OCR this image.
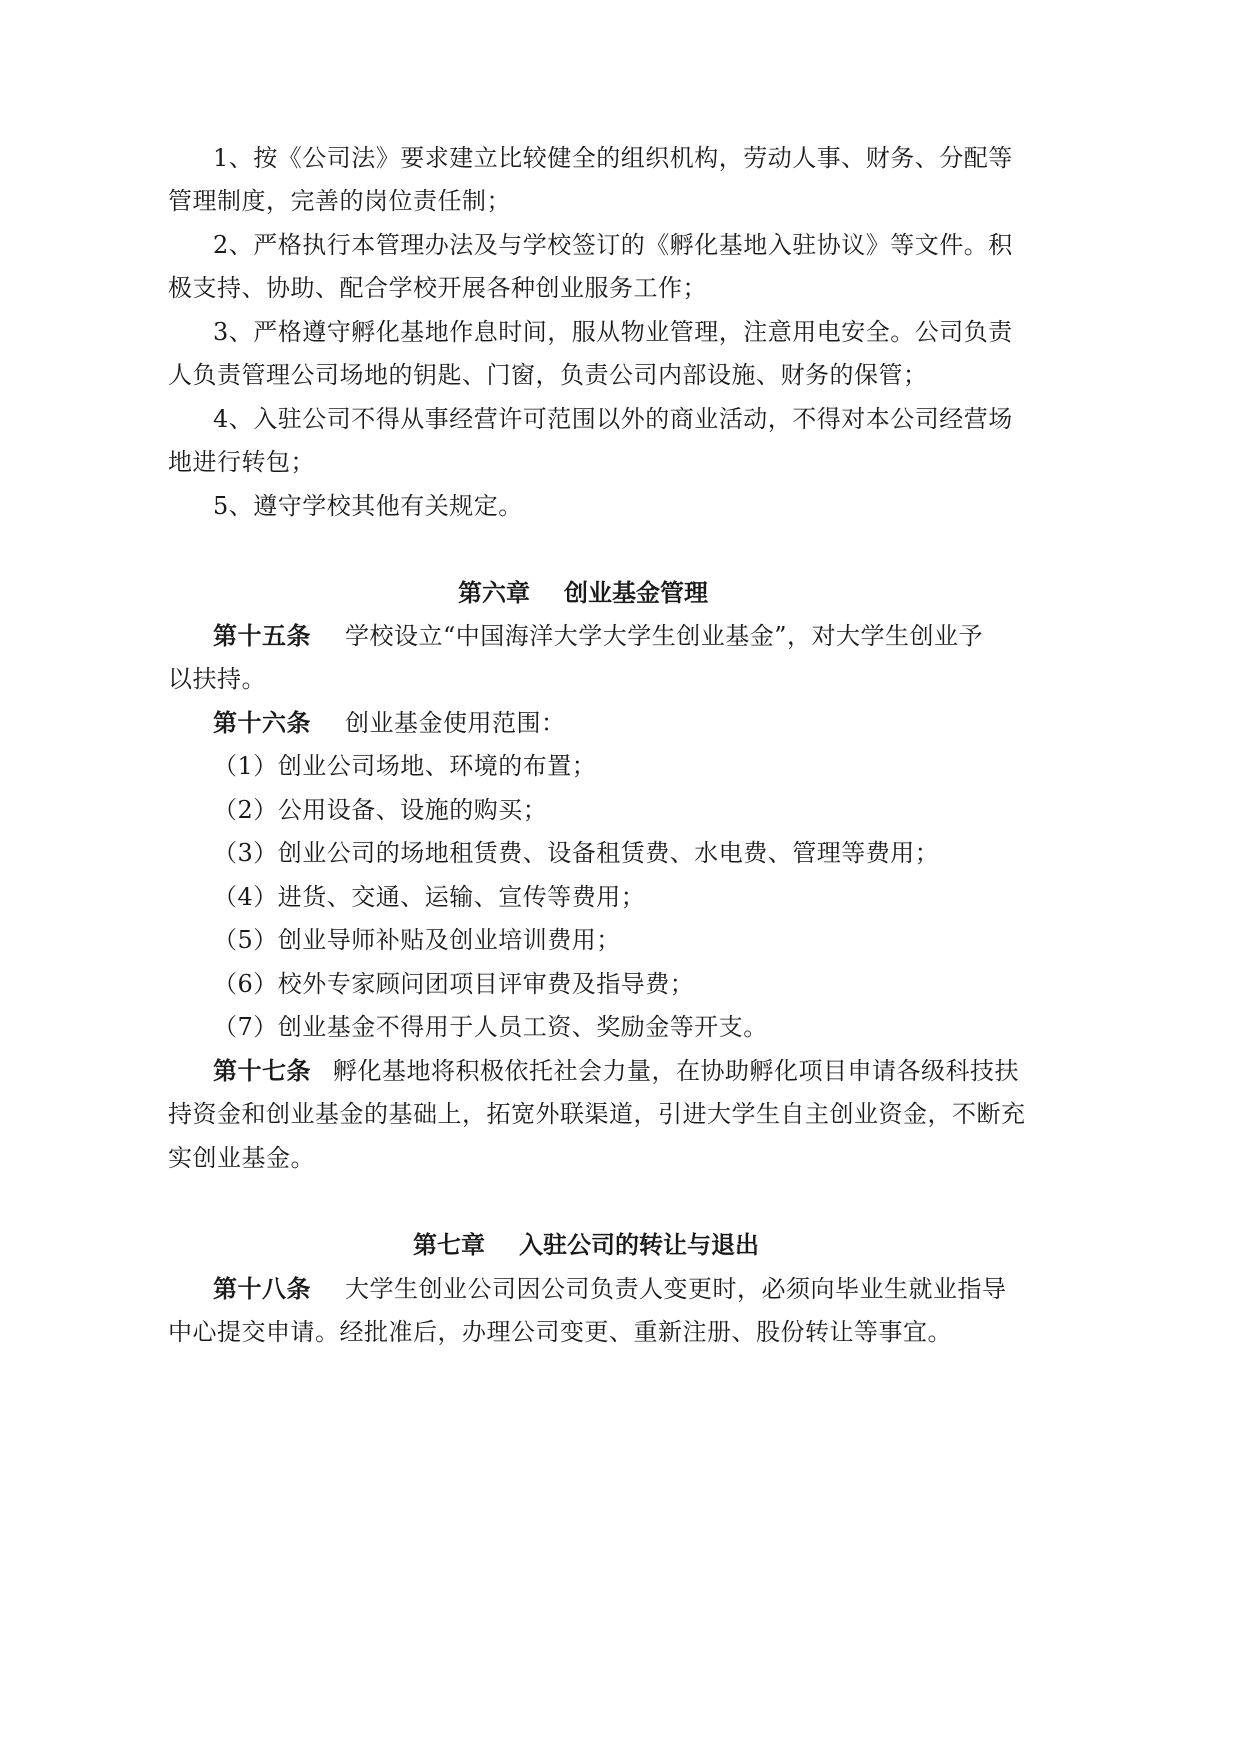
1、按《公司法》要求建立比较健全的组织机构，劳动人事、财务、分配等
管理制度，完善的岗位责任制；
2、严格执行本管理办法及与学校签订的《孵化基地入驻协议》等文件。积
极支持、协助、配合学校开展各种创业服务工作；
3、严格遵守孵化基地作息时间，服从物业管理，注意用电安全。公司负责
人负责管理公司场地的钥匙、门窗，负责公司内部设施、财务的保管；
4、入驻公司不得从事经营许可范围以外的商业活动，不得对本公司经营场
地进行转包；
5、遵守学校其他有关规定。
第六章 创业基金管理
第十五条 学校设立“中国海洋大学大学生创业基金”，对大学生创业予
以扶持。
第十六条 创业基金使用范围：
（1）创业公司场地、环境的布置；
（2）公用设备、设施的购买；
（3）创业公司的场地租赁费、设备租赁费、水电费、管理等费用；
（4）进货、交通、运输、宣传等费用；
（5）创业导师补贴及创业培训费用；
（6）校外专家顾问团项目评审费及指导费；
（7）创业基金不得用于人员工资、奖励金等开支。
第十七条 孵化基地将积极依托社会力量，在协助孵化项目申请各级科技扶
持资金和创业基金的基础上，拓宽外联渠道，引进大学生自主创业资金，不断充
实创业基金。
第七章 入驻公司的转让与退出
第十八条 大学生创业公司因公司负责人变更时，必须向毕业生就业指导
中心提交申请。经批准后，办理公司变更、重新注册、股份转让等事宜。
